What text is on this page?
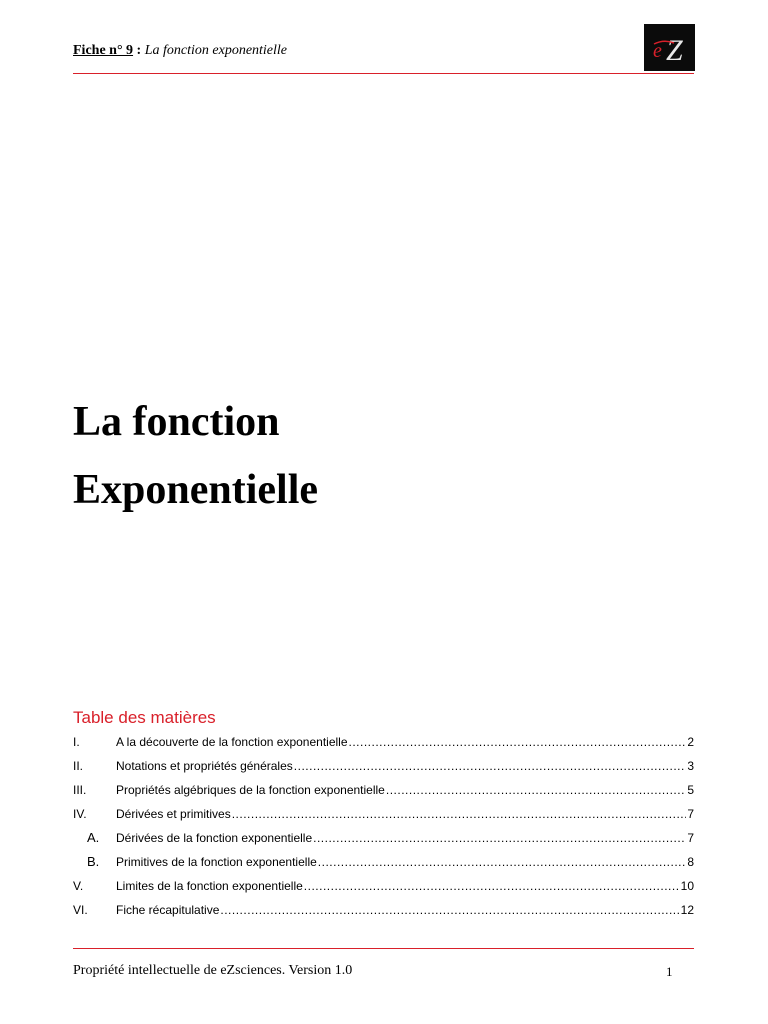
Fiche n° 9 : La fonction exponentielle	e Z
La fonction
Exponentielle
Table des matières
I.	A la découverte de la fonction exponentielle .....	2
II.	Notations et propriétés générales .....	3
III.	Propriétés algébriques de la fonction exponentielle .....	5
IV.	Dérivées et primitives .....	7
A.	Dérivées de la fonction exponentielle .....	7
B.	Primitives de la fonction exponentielle .....	8
V.	Limites de la fonction exponentielle .....	10
VI.	Fiche récapitulative .....	12
Propriété intellectuelle de eZsciences. Version 1.0	1
